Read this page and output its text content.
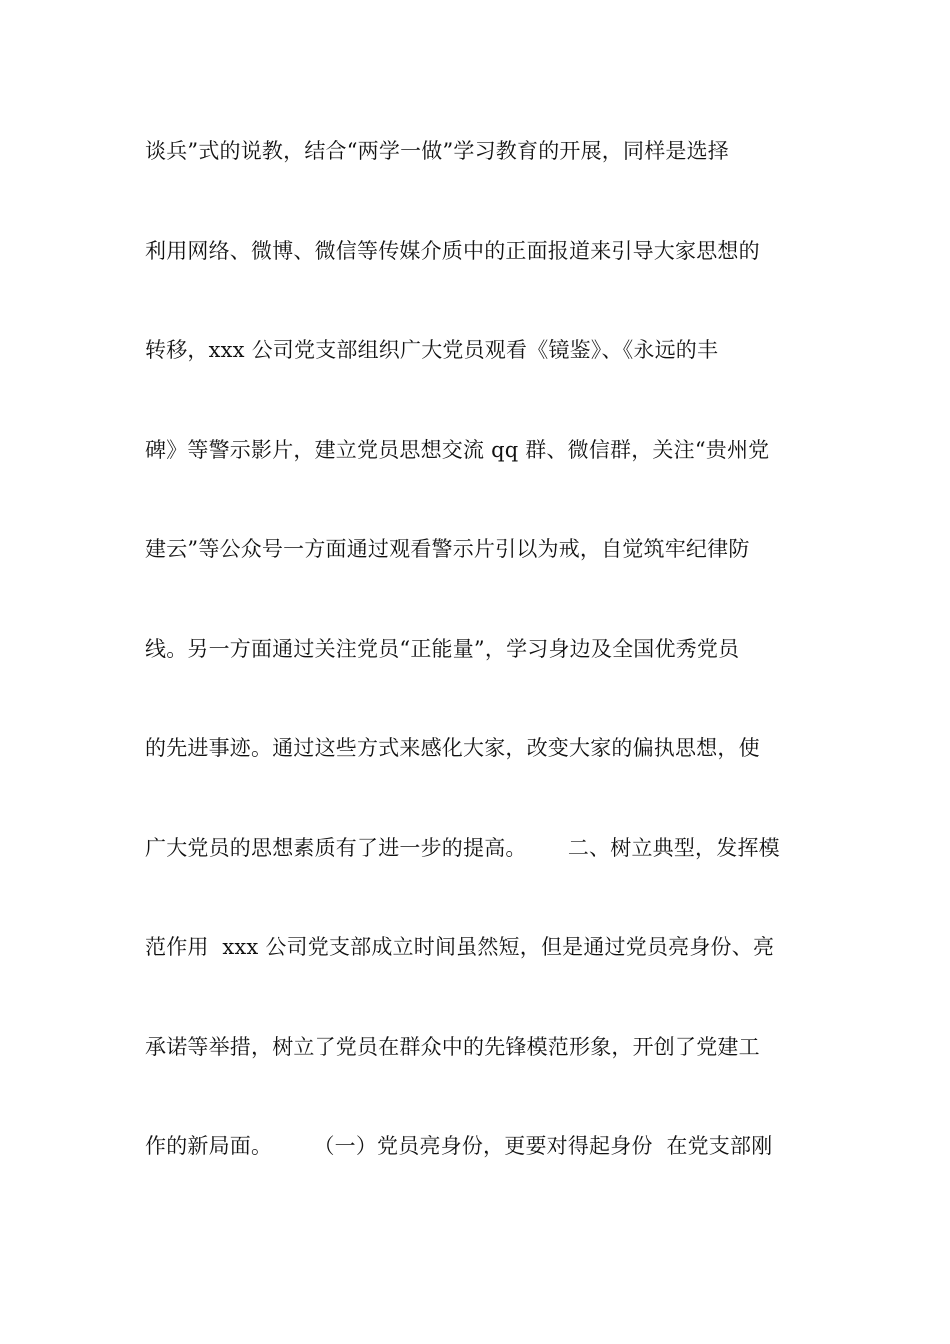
谈兵”式的说教，结合“两学一做”学习教育的开展，同样是选择
利用网络、微博、微信等传媒介质中的正面报道来引导大家思想的
转移，xxx 公司党支部组织广大党员观看《镜鉴》、《永远的丰
碑》等警示影片，建立党员思想交流 qq 群、微信群，关注“贵州党
建云”等公众号一方面通过观看警示片引以为戒，自觉筑牢纪律防
线。另一方面通过关注党员“正能量”，学习身边及全国优秀党员
的先进事迹。通过这些方式来感化大家，改变大家的偏执思想，使
广大党员的思想素质有了进一步的提高。      二、树立典型，发挥模
范作用  xxx 公司党支部成立时间虽然短，但是通过党员亮身份、亮
承诺等举措，树立了党员在群众中的先锋模范形象，开创了党建工
作的新局面。      （一）党员亮身份，更要对得起身份  在党支部刚
